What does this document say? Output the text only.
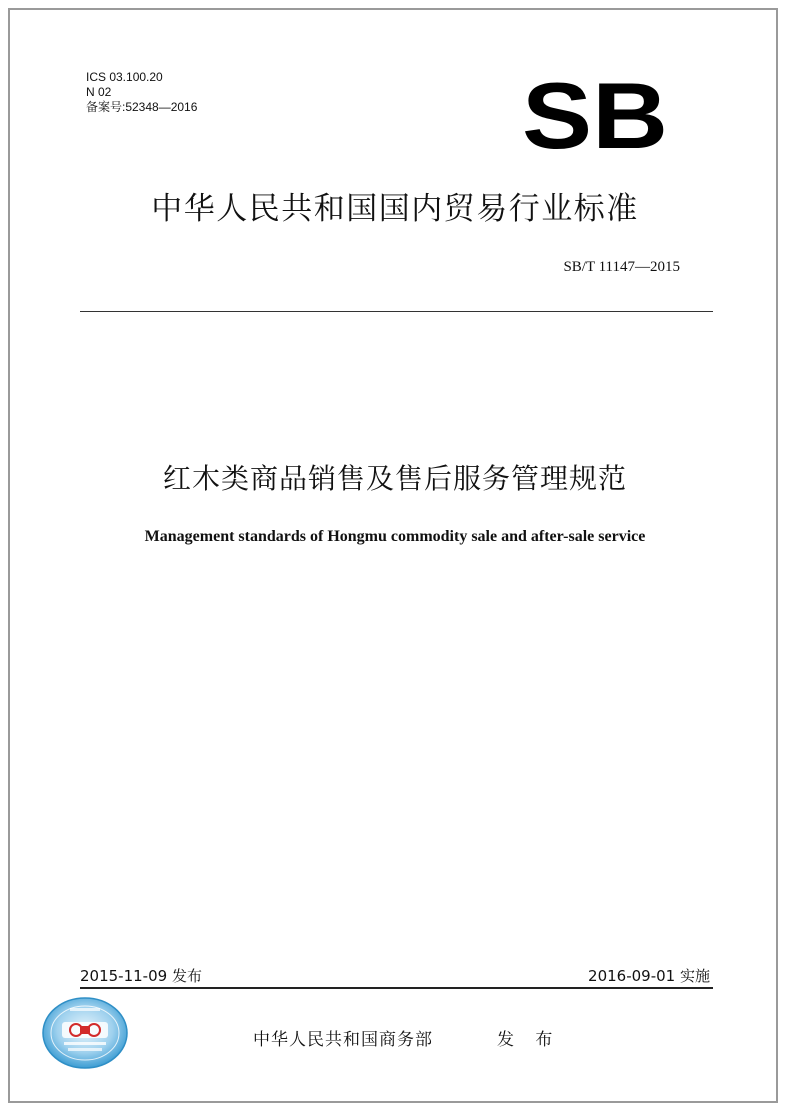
ICS 03.100.20
N 02
备案号:52348—2016	SB
中华人民共和国国内贸易行业标准
SB/T 11147—2015
红木类商品销售及售后服务管理规范
Management standards of Hongmu commodity sale and after-sale service
2015-11-09 发布	2016-09-01 实施
中华人民共和国商务部	发 布
